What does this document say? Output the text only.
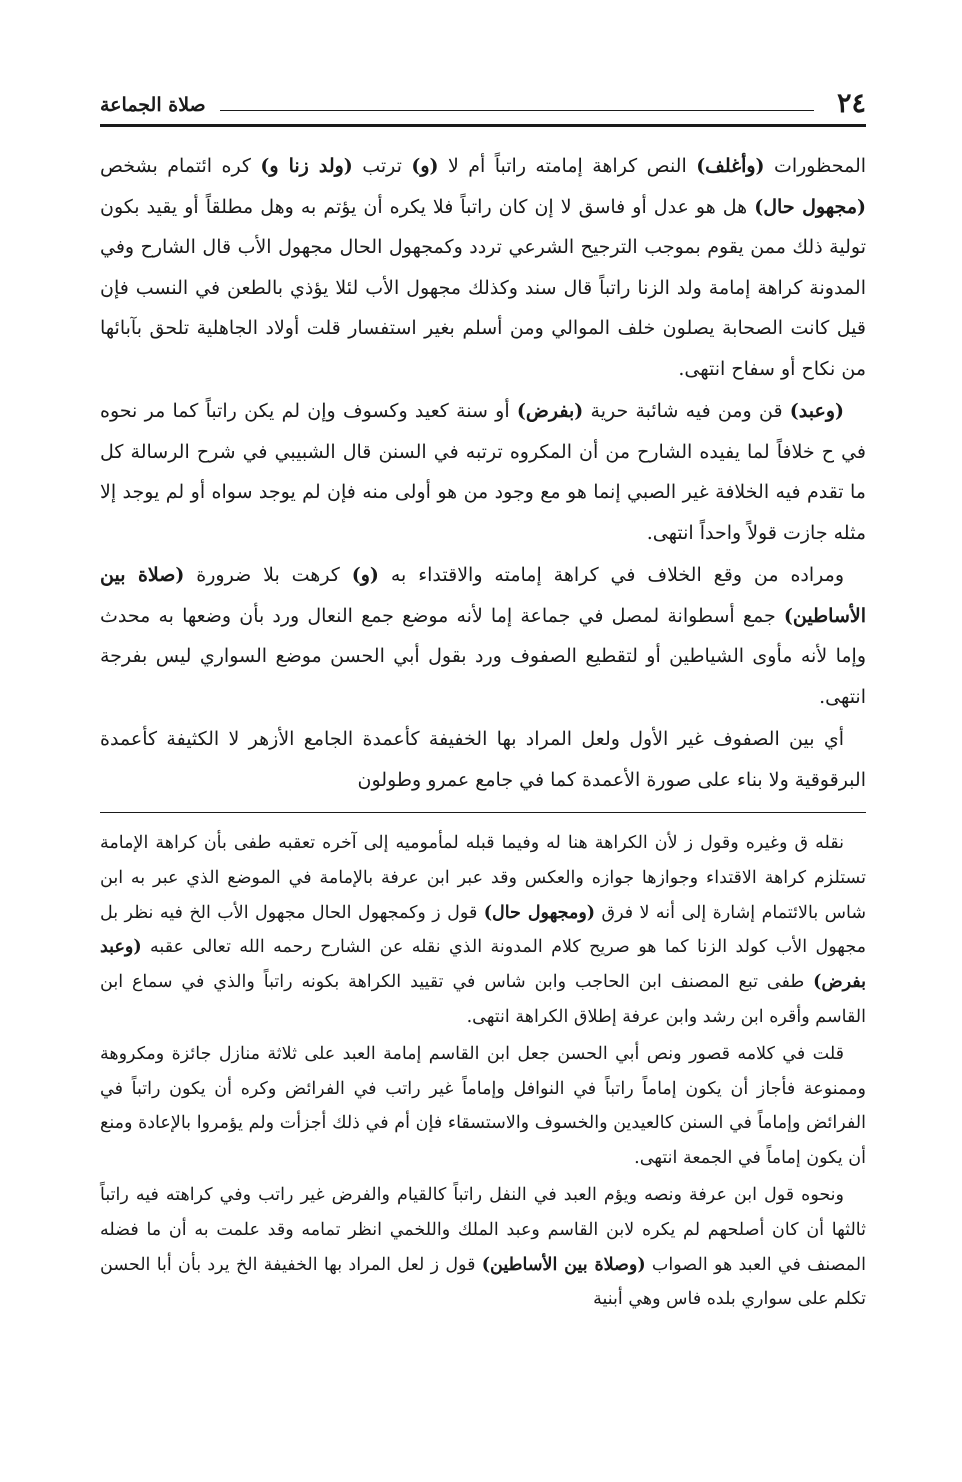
٢٤
صلاة الجماعة

المحظورات (وأغلف) النص كراهة إمامته راتباً أم لا (و) ترتب (ولد زنا و) كره ائتمام بشخص (مجهول حال) هل هو عدل أو فاسق لا إن كان راتباً فلا يكره أن يؤتم به وهل مطلقاً أو يقيد بكون تولية ذلك ممن يقوم بموجب الترجيح الشرعي تردد وكمجهول الحال مجهول الأب قال الشارح وفي المدونة كراهة إمامة ولد الزنا راتباً قال سند وكذلك مجهول الأب لئلا يؤذي بالطعن في النسب فإن قيل كانت الصحابة يصلون خلف الموالي ومن أسلم بغير استفسار قلت أولاد الجاهلية تلحق بآبائها من نكاح أو سفاح انتهى.

(وعبد) قن ومن فيه شائبة حرية (بفرض) أو سنة كعيد وكسوف وإن لم يكن راتباً كما مر نحوه في ح خلافاً لما يفيده الشارح من أن المكروه ترتبه في السنن قال الشبيبي في شرح الرسالة كل ما تقدم فيه الخلافة غير الصبي إنما هو مع وجود من هو أولى منه فإن لم يوجد سواه أو لم يوجد إلا مثله جازت قولاً واحداً انتهى.

ومراده من وقع الخلاف في كراهة إمامته والاقتداء به (و) كرهت بلا ضرورة (صلاة بين الأساطين) جمع أسطوانة لمصل في جماعة إما لأنه موضع جمع النعال ورد بأن وضعها به محدث وإما لأنه مأوى الشياطين أو لتقطيع الصفوف ورد بقول أبي الحسن موضع السواري ليس بفرجة انتهى.

أي بين الصفوف غير الأول ولعل المراد بها الخفيفة كأعمدة الجامع الأزهر لا الكثيفة كأعمدة البرقوقية ولا بناء على صورة الأعمدة كما في جامع عمرو وطولون

نقله ق وغيره وقول ز لأن الكراهة هنا له وفيما قبله لمأموميه إلى آخره تعقبه طفى بأن كراهة الإمامة تستلزم كراهة الاقتداء وجوازها جوازه والعكس وقد عبر ابن عرفة بالإمامة في الموضع الذي عبر به ابن شاس بالائتمام إشارة إلى أنه لا فرق (ومجهول حال) قول ز وكمجهول الحال مجهول الأب الخ فيه نظر بل مجهول الأب كولد الزنا كما هو صريح كلام المدونة الذي نقله عن الشارح رحمه الله تعالى عقبه (وعبد بفرض) طفى تبع المصنف ابن الحاجب وابن شاس في تقييد الكراهة بكونه راتباً والذي في سماع ابن القاسم وأقره ابن رشد وابن عرفة إطلاق الكراهة انتهى.

قلت في كلامه قصور ونص أبي الحسن جعل ابن القاسم إمامة العبد على ثلاثة منازل جائزة ومكروهة وممنوعة فأجاز أن يكون إماماً راتباً في النوافل وإماماً غير راتب في الفرائض وكره أن يكون راتباً في الفرائض وإماماً في السنن كالعيدين والخسوف والاستسقاء فإن أم في ذلك أجزأت ولم يؤمروا بالإعادة ومنع أن يكون إماماً في الجمعة انتهى.

ونحوه قول ابن عرفة ونصه ويؤم العبد في النفل راتباً كالقيام والفرض غير راتب وفي كراهته فيه راتباً ثالثها أن كان أصلحهم لم يكره لابن القاسم وعبد الملك واللخمي انظر تمامه وقد علمت به أن ما فضله المصنف في العبد هو الصواب (وصلاة بين الأساطين) قول ز لعل المراد بها الخفيفة الخ يرد بأن أبا الحسن تكلم على سواري بلده فاس وهي أبنية
